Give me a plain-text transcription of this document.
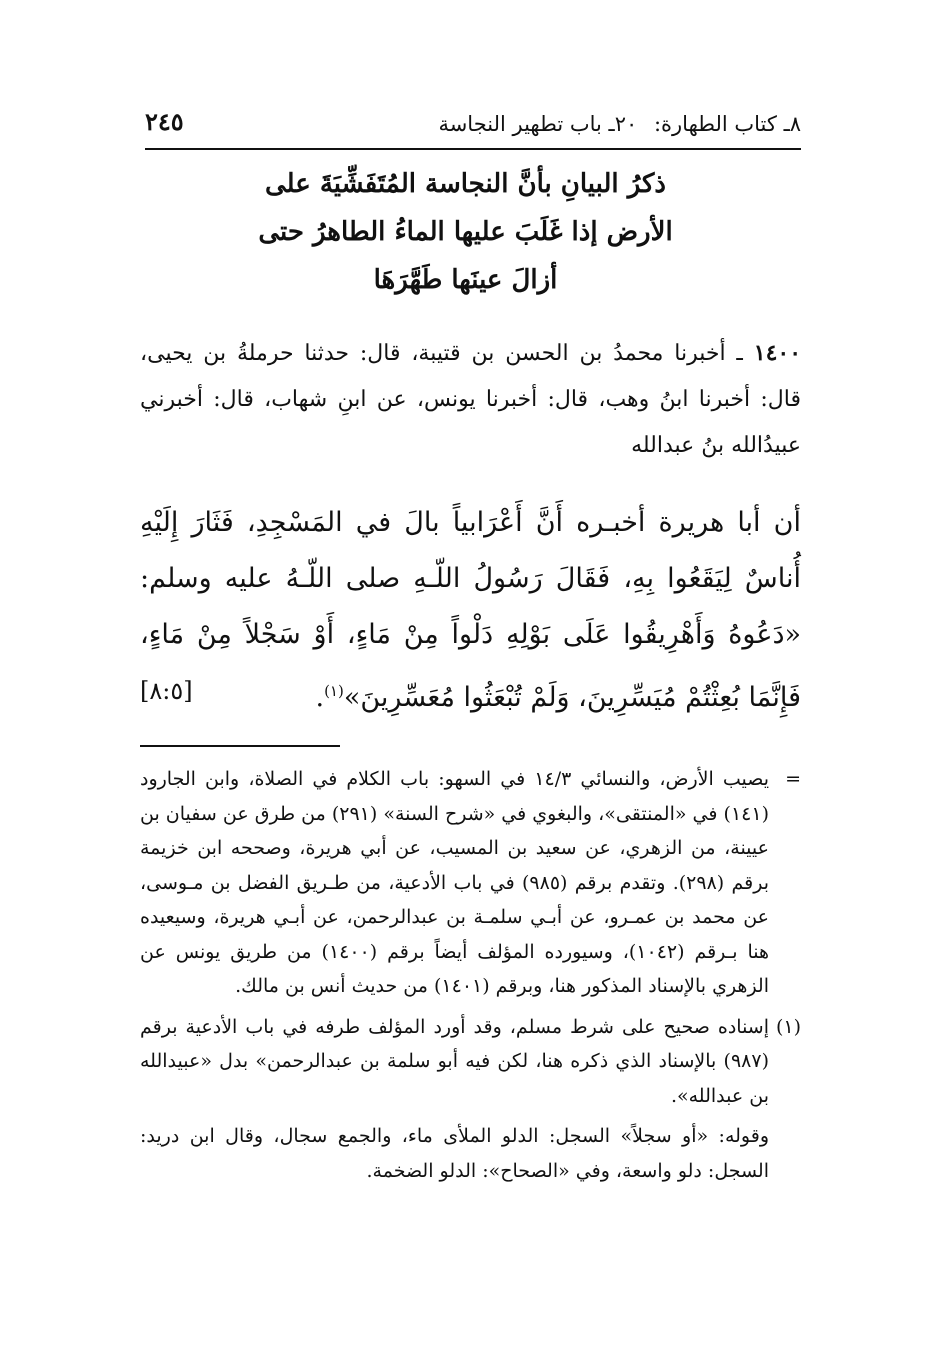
٨ـ كتاب الطهارة: ٢٠ـ باب تطهير النجاسة
٢٤٥
ذكرُ البيانِ بأنَّ النجاسة المُتَفَشِّيَةَ على
الأرض إذا غَلَبَ عليها الماءُ الطاهرُ حتى
أزالَ عينَها طَهَّرَهَا
١٤٠٠ ـ أخبرنا محمدُ بن الحسن بن قتيبة، قال: حدثنا حرملةُ بن يحيى، قال: أخبرنا ابنُ وهب، قال: أخبرنا يونس، عن ابنِ شهاب، قال: أخبرني عبيدُالله بنُ عبدالله
أن أبا هريرة أخبـره أَنَّ أَعْرَابياً بالَ في المَسْجِدِ، فَثَارَ إِلَيْهِ أُناسٌ لِيَقَعُوا بِهِ، فَقَالَ رَسُولُ اللّـهِ صلى اللّـهُ عليه وسلم: «دَعُوهُ وَأَهْرِيقُوا عَلَى بَوْلِهِ دَلْواً مِنْ مَاءٍ، أَوْ سَجْلاً مِنْ مَاءٍ، فَإِنَّمَا بُعِثْتُمْ مُيَسِّرِينَ، وَلَمْ تُبْعَثُوا مُعَسِّرِينَ»$^{(١)}$.
[٨:٥]
=
يصيب الأرض، والنسائي ١٤/٣ في السهو: باب الكلام في الصلاة، وابن الجارود (١٤١) في «المنتقى»، والبغوي في «شرح السنة» (٢٩١) من طرق عن سفيان بن عيينة، من الزهري، عن سعيد بن المسيب، عن أبي هريرة، وصححه ابن خزيمة برقم (٢٩٨). وتقدم برقم (٩٨٥) في باب الأدعية، من طـريق الفضل بن مـوسى، عن محمد بن عمـرو، عن أبـي سلمـة بن عبدالرحمن، عن أبـي هريرة، وسيعيده هنا بـرقم (١٠٤٢)، وسيورده المؤلف أيضاً برقم (١٤٠٠) من طريق يونس عن الزهري بالإسناد المذكور هنا، وبرقم (١٤٠١) من حديث أنس بن مالك.
(١)
إسناده صحيح على شرط مسلم، وقد أورد المؤلف طرفه في باب الأدعية برقم (٩٨٧) بالإسناد الذي ذكره هنا، لكن فيه أبو سلمة بن عبدالرحمن» بدل «عبيدالله بن عبدالله».
وقوله: «أو سجلاً» السجل: الدلو الملأى ماء، والجمع سجال، وقال ابن دريد: السجل: دلو واسعة، وفي «الصحاح»: الدلو الضخمة.
